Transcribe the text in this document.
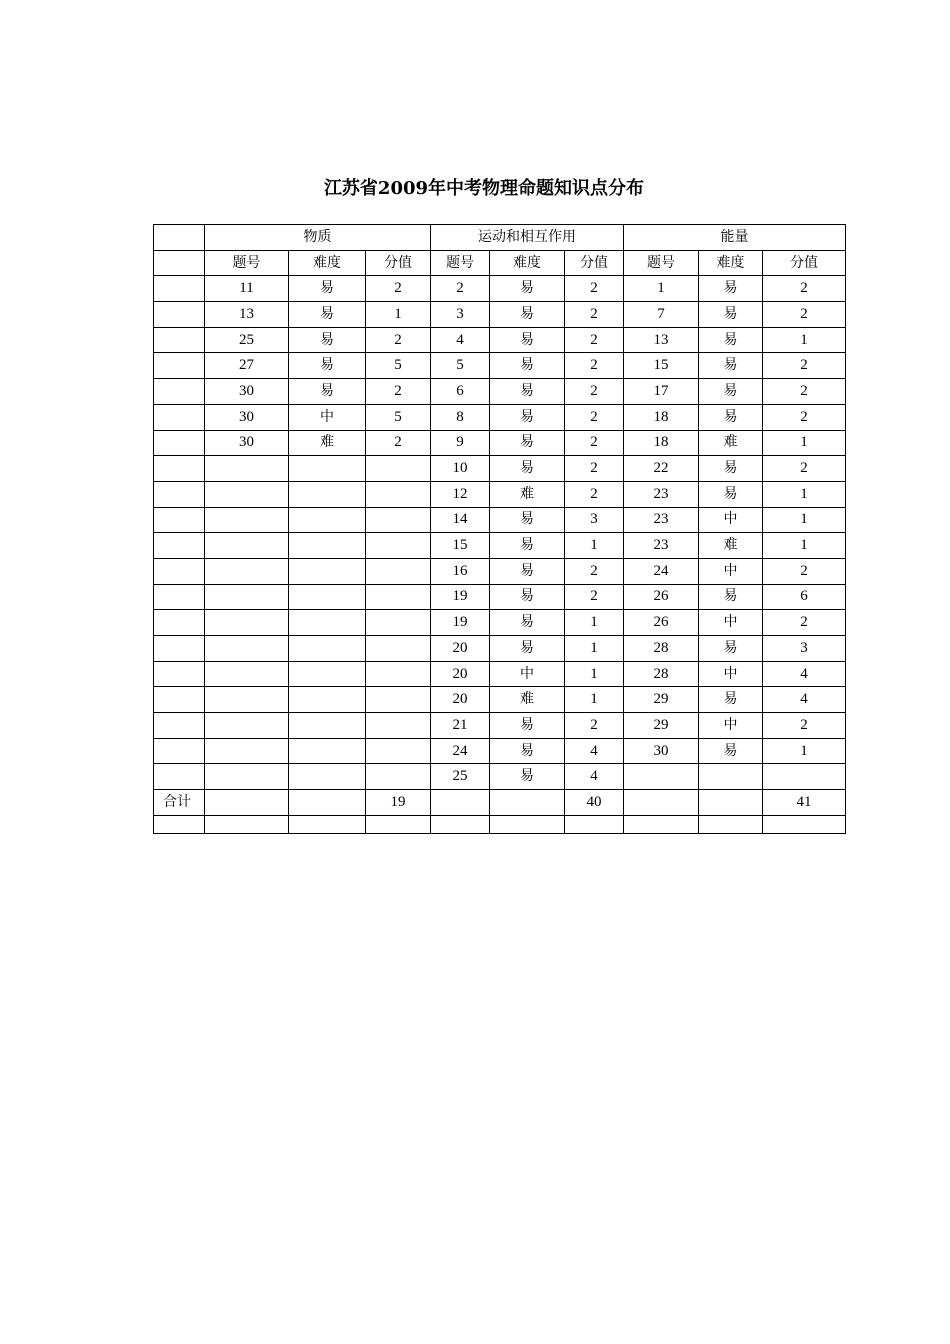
江苏省2009年中考物理命题知识点分布
	物质			运动和相互作用			能量		
	题号	难度	分值	题号	难度	分值	题号	难度	分值
	11	易	2	2	易	2	1	易	2
	13	易	1	3	易	2	7	易	2
	25	易	2	4	易	2	13	易	1
	27	易	5	5	易	2	15	易	2
	30	易	2	6	易	2	17	易	2
	30	中	5	8	易	2	18	易	2
	30	难	2	9	易	2	18	难	1
				10	易	2	22	易	2
				12	难	2	23	易	1
				14	易	3	23	中	1
				15	易	1	23	难	1
				16	易	2	24	中	2
				19	易	2	26	易	6
				19	易	1	26	中	2
				20	易	1	28	易	3
				20	中	1	28	中	4
				20	难	1	29	易	4
				21	易	2	29	中	2
				24	易	4	30	易	1
				25	易	4			
合计			19			40			41
